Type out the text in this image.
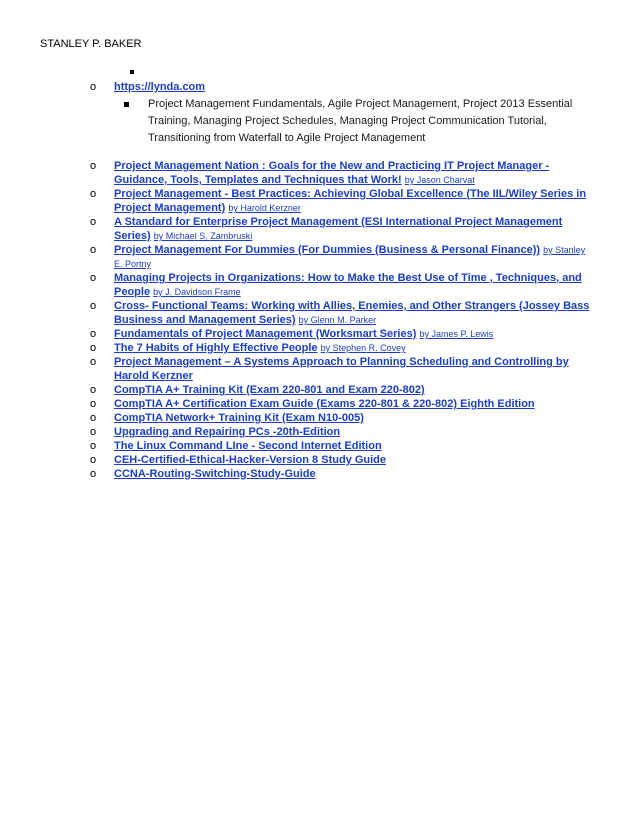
STANLEY P. BAKER
o https://lynda.com
Project Management Fundamentals, Agile Project Management, Project 2013 Essential Training, Managing Project Schedules, Managing Project Communication Tutorial, Transitioning from Waterfall to Agile Project Management
o Project Management Nation : Goals for the New and Practicing IT Project Manager - Guidance, Tools, Templates and Techniques that Work! by Jason Charvat
o Project Management - Best Practices: Achieving Global Excellence (The IIL/Wiley Series in Project Management) by Harold Kerzner
o A Standard for Enterprise Project Management (ESI International Project Management Series) by Michael S. Zambruski
o Project Management For Dummies (For Dummies (Business & Personal Finance)) by Stanley E. Portny
o Managing Projects in Organizations: How to Make the Best Use of Time , Techniques, and People by J. Davidson Frame
o Cross- Functional Teams: Working with Allies, Enemies, and Other Strangers (Jossey Bass Business and Management Series) by Glenn M. Parker
o Fundamentals of Project Management (Worksmart Series) by James P. Lewis
o The 7 Habits of Highly Effective People by Stephen R. Covey
o Project Management – A Systems Approach to Planning Scheduling and Controlling by Harold Kerzner
o CompTIA A+ Training Kit (Exam 220-801 and Exam 220-802)
o CompTIA A+ Certification Exam Guide (Exams 220-801 & 220-802) Eighth Edition
o CompTIA Network+ Training Kit (Exam N10-005)
o Upgrading and Repairing PCs -20th-Edition
o The Linux Command LIne - Second Internet Edition
o CEH-Certified-Ethical-Hacker-Version 8 Study Guide
o CCNA-Routing-Switching-Study-Guide
